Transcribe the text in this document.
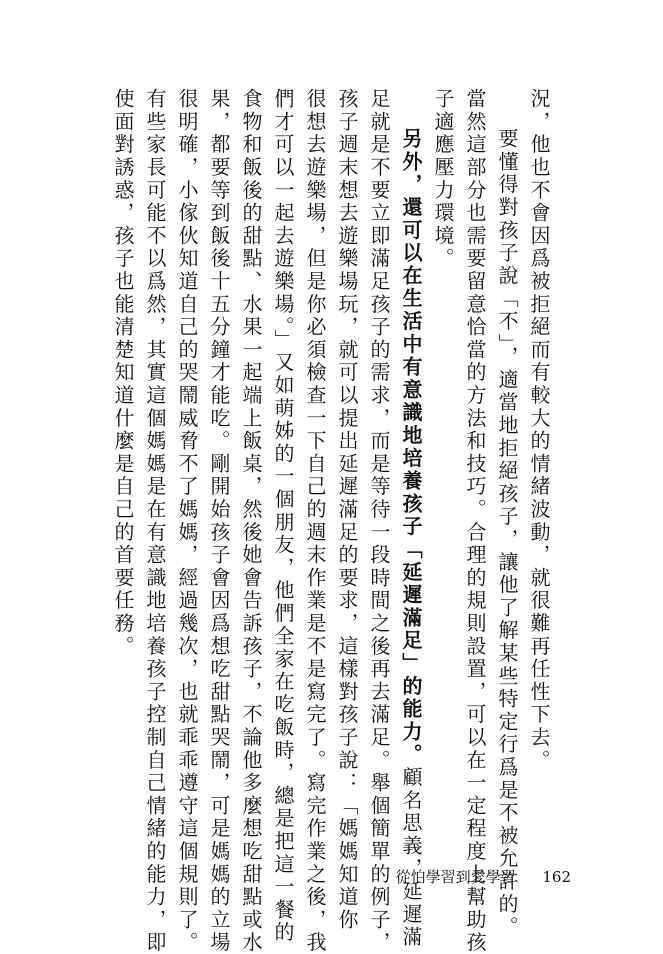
況，他也不會因爲被拒絕而有較大的情緒波動，就很難再任性下去。

要懂得對孩子說「不」，適當地拒絕孩子，讓他了解某些特定行爲是不被允許的。
當然這部分也需要留意恰當的方法和技巧。合理的規則設置，可以在一定程度上幫助孩
子適應壓力環境。

另外，還可以在生活中有意識地培養孩子「延遲滿足」的能力。顧名思義，延遲滿
足就是不要立即滿足孩子的需求，而是等待一段時間之後再去滿足。舉個簡單的例子，
孩子週末想去遊樂場玩，就可以提出延遲滿足的要求，這樣對孩子說：「媽媽知道你
很想去遊樂場，但是你必須檢查一下自己的週末作業是不是寫完了。寫完作業之後，我
們才可以一起去遊樂場。」又如萌姊的一個朋友，他們全家在吃飯時，總是把這一餐的
食物和飯後的甜點、水果一起端上飯桌，然後她會告訴孩子，不論他多麼想吃甜點或水
果，都要等到飯後十五分鐘才能吃。剛開始孩子會因爲想吃甜點哭鬧，可是媽媽的立場
很明確，小傢伙知道自己的哭鬧威脅不了媽媽，經過幾次，也就乖乖遵守這個規則了。
有些家長可能不以爲然，其實這個媽媽是在有意識地培養孩子控制自己情緒的能力，即
使面對誘惑，孩子也能清楚知道什麼是自己的首要任務。

從怕學習到愛學習 162
